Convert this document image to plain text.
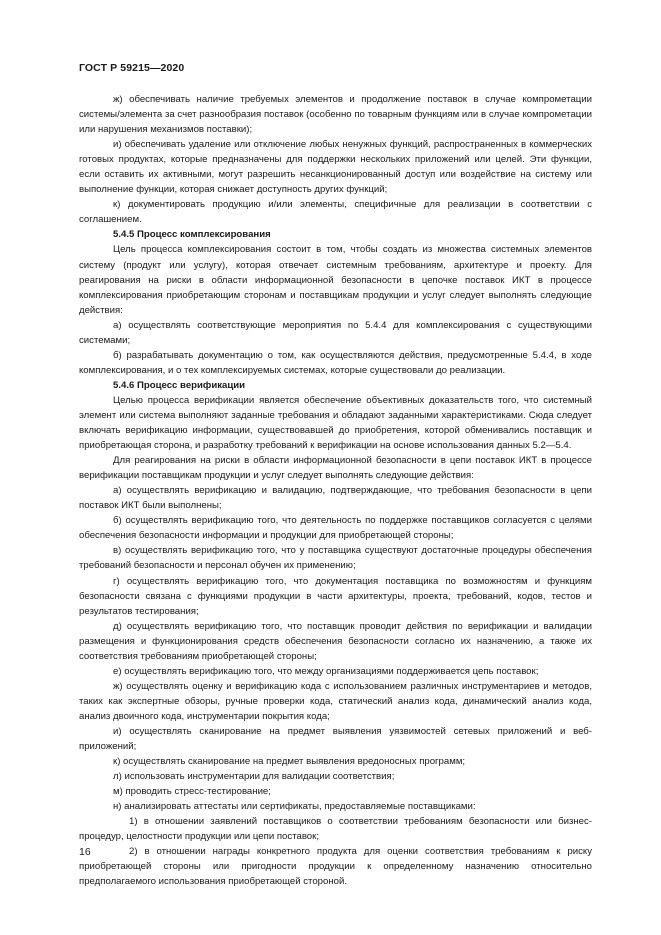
ГОСТ Р 59215—2020

ж) обеспечивать наличие требуемых элементов и продолжение поставок в случае компрометации системы/элемента за счет разнообразия поставок (особенно по товарным функциям или в случае компрометации или нарушения механизмов поставки);

и) обеспечивать удаление или отключение любых ненужных функций, распространенных в коммерческих готовых продуктах, которые предназначены для поддержки нескольких приложений или целей. Эти функции, если оставить их активными, могут разрешить несанкционированный доступ или воздействие на систему или выполнение функции, которая снижает доступность других функций;

к) документировать продукцию и/или элементы, специфичные для реализации в соответствии с соглашением.

5.4.5 Процесс комплексирования

Цель процесса комплексирования состоит в том, чтобы создать из множества системных элементов систему (продукт или услугу), которая отвечает системным требованиям, архитектуре и проекту. Для реагирования на риски в области информационной безопасности в цепочке поставок ИКТ в процессе комплексирования приобретающим сторонам и поставщикам продукции и услуг следует выполнять следующие действия:

а) осуществлять соответствующие мероприятия по 5.4.4 для комплексирования с существующими системами;

б) разрабатывать документацию о том, как осуществляются действия, предусмотренные 5.4.4, в ходе комплексирования, и о тех комплексируемых системах, которые существовали до реализации.

5.4.6 Процесс верификации

Целью процесса верификации является обеспечение объективных доказательств того, что системный элемент или система выполняют заданные требования и обладают заданными характеристиками. Сюда следует включать верификацию информации, существовавшей до приобретения, которой обменивались поставщик и приобретающая сторона, и разработку требований к верификации на основе использования данных 5.2—5.4.

Для реагирования на риски в области информационной безопасности в цепи поставок ИКТ в процессе верификации поставщикам продукции и услуг следует выполнять следующие действия:

а) осуществлять верификацию и валидацию, подтверждающие, что требования безопасности в цепи поставок ИКТ были выполнены;

б) осуществлять верификацию того, что деятельность по поддержке поставщиков согласуется с целями обеспечения безопасности информации и продукции для приобретающей стороны;

в) осуществлять верификацию того, что у поставщика существуют достаточные процедуры обеспечения требований безопасности и персонал обучен их применению;

г) осуществлять верификацию того, что документация поставщика по возможностям и функциям безопасности связана с функциями продукции в части архитектуры, проекта, требований, кодов, тестов и результатов тестирования;

д) осуществлять верификацию того, что поставщик проводит действия по верификации и валидации размещения и функционирования средств обеспечения безопасности согласно их назначению, а также их соответствия требованиям приобретающей стороны;

е) осуществлять верификацию того, что между организациями поддерживается цепь поставок;

ж) осуществлять оценку и верификацию кода с использованием различных инструментариев и методов, таких как экспертные обзоры, ручные проверки кода, статический анализ кода, динамический анализ кода, анализ двоичного кода, инструментарии покрытия кода;

и) осуществлять сканирование на предмет выявления уязвимостей сетевых приложений и веб-приложений;

к) осуществлять сканирование на предмет выявления вредоносных программ;

л) использовать инструментарии для валидации соответствия;

м) проводить стресс-тестирование;

н) анализировать аттестаты или сертификаты, предоставляемые поставщиками:

1) в отношении заявлений поставщиков о соответствии требованиям безопасности или бизнес-процедур, целостности продукции или цепи поставок;

2) в отношении награды конкретного продукта для оценки соответствия требованиям к риску приобретающей стороны или пригодности продукции к определенному назначению относительно предполагаемого использования приобретающей стороной.

16
